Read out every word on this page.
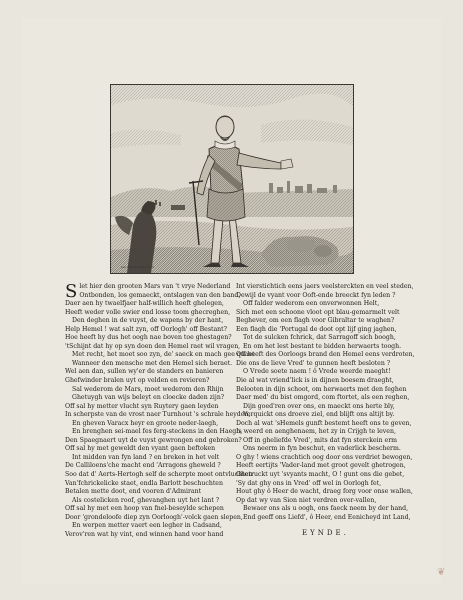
Jan van de Velde fecit
S let hier den grooten Mars van 't vrye Nederland
Ontbonden, los gemaeckt, ontslagen van den band,
Daer aen hy twaelfjaer half-willich heeft ghelegen,
Heeft weder volle swier end losse toom ghecreghen,
Den deghen in de vuyst, de wapens by der hant,
Help Hemel ! wat salt zyn, off Oorlogh' off Bestant?
Hoe heeft hy dus het oogh nae boven toe ghestagen?
'tSchijnt dat hy op syn doen den Hemel raet wil vragen,
Met recht, het moet soo zyn, de' saeck en mach gee quaet
Wanneer den mensche met den Hemel sich beraet.
Wel aen dan, sullen wy'er de standers en banieren
Ghefwinder bralen uyt op velden en revieren?
Sal wederom de Mars, moet wederom den Rhijn
Ghetuygh van wijs beleyt en cloecke daden zijn?
Off sal hy metter vlucht syn Ruytery gaen leyden
In scherpste van de vrost naer Turnhout 's schrale heyden,
En gheven Varacx heyr en groote neder-laegh,
En brenghen sei-mael fes ferg-steckens in den Haegh,
Den Spaegnaert uyt de vuyst gewrongen end gebroken?
Off sal hy met geweldt den vyant gaen beftoken
Int midden van fyn land ? en breken in het velt
De Calliloens'che macht end 'Arragons gheweld ?
Soo dat d' Aerts-Hertogh self de scherpte moet ontvluchten
Van'fchrickelicke staet, endla Barlott beschuchten
Betalen mette doot, end vooren d'Admirant
Als costelicken roof, ghevanghen uyt het lant ?
Off sal hy met een hoop van fnel-beseylde schepen
Door 'grondeloofe diep zyn Oorloogh'-volck gaen slepen,
En werpen metter vaert een legher in Cadsand,
Verov'ren wat hy vint, end winnen hand voor hand
Int vierstichtich eens jaers veelsterckten en veel steden,
Dewijl de vyant voor Ooft-ende breeckt fyn leden ?
Off falder wederom een onverwonnen Helt,
Sich met een schoone vloot opt blau-gemarmelt velt
Beghever, om een flagh voor Gibraltar te waghen?
Een flagh die 'Portugal de doot opt lijf ging jaghen,
Tot de sulcken fchrick, dat Sarragoff sich boogh,
En om het lest bestant te bidden herwaerts toogh.
Off heeft des Oorloogs brand den Hemel eens verdroten,
Die ons de lieve Vred' te gunnen heeft besloten ?
O Vrede soete naem ! ô Vrede weerde maeght!
Die al wat vriend'lick is in dijnen boesem draeght,
Belooten in dijn schoot, om herwaerts met den feghen
Daer med' du bist omgord, com ftortet, als een reghen,
Dijn goed'ren over ons, en maeckt ons herte bly,
Verquickt ons droeve ziel, end blijft ons altijt by.
Doch al wat 'sHemels gunft bestemt heeft ons te geven,
Is weerd en aenghenaem, het zy in Crijgh te leven,
Off in gheliefde Vred', mits dat fyn sterckein erm
Ons neerm in fyn beschut, en vaderlick bescherm.
O ghy ! wiens crachtich oog door ons verdriet bewogen,
Heeft eertijts 'Vader-land met groot gevelt ghetrogen,
Ghetruckt uyt 'svyants macht, O ! gunt ons die gebet,
'Sy dat ghy ons in Vred' off wel in Oorlogh fet,
Hout ghy ô Heer de wacht, draeg forg voor onse wallen,
Op dat wy van Sion niet verdren over-vallen,
Bewaer ons als u oogh, ons faeck neem by der hand,
End geeff ons Liefd', ô Heer, end Eenicheyd int Land,
EYNDE.
❦
